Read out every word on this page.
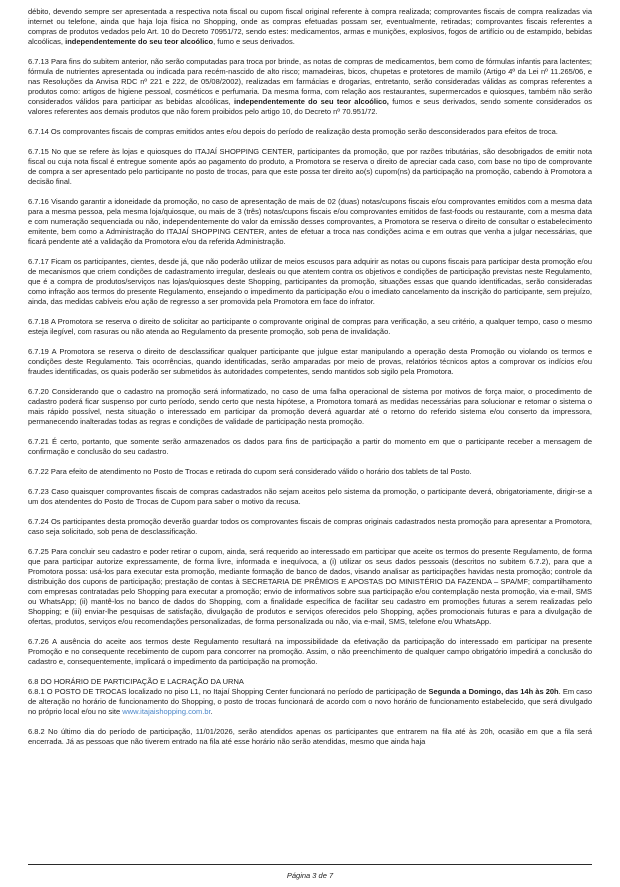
débito, devendo sempre ser apresentada a respectiva nota fiscal ou cupom fiscal original referente à compra realizada; comprovantes fiscais de compra realizadas via internet ou telefone, ainda que haja loja física no Shopping, onde as compras efetuadas possam ser, eventualmente, retiradas; comprovantes fiscais referentes a compras de produtos vedados pelo Art. 10 do Decreto 70951/72, sendo estes: medicamentos, armas e munições, explosivos, fogos de artifício ou de estampido, bebidas alcoólicas, independentemente do seu teor alcoólico, fumo e seus derivados.

6.7.13 Para fins do subitem anterior, não serão computadas para troca por brinde, as notas de compras de medicamentos, bem como de fórmulas infantis para lactentes; fórmula de nutrientes apresentada ou indicada para recém-nascido de alto risco; mamadeiras, bicos, chupetas e protetores de mamilo (Artigo 4º da Lei nº 11.265/06, e nas Resoluções da Anvisa RDC nº 221 e 222, de 05/08/2002), realizadas em farmácias e drogarias, entretanto, serão consideradas válidas as compras referentes a produtos como: artigos de higiene pessoal, cosméticos e perfumaria. Da mesma forma, com relação aos restaurantes, supermercados e quiosques, também não serão considerados válidos para participar as bebidas alcoólicas, independentemente do seu teor alcoólico, fumos e seus derivados, sendo somente considerados os valores referentes aos demais produtos que não forem proibidos pelo artigo 10, do Decreto nº 70.951/72.

6.7.14 Os comprovantes fiscais de compras emitidos antes e/ou depois do período de realização desta promoção serão desconsiderados para efeitos de troca.

6.7.15 No que se refere às lojas e quiosques do ITAJAÍ SHOPPING CENTER, participantes da promoção, que por razões tributárias, são desobrigados de emitir nota fiscal ou cuja nota fiscal é entregue somente após ao pagamento do produto, a Promotora se reserva o direito de apreciar cada caso, com base no tipo de comprovante de compra a ser apresentado pelo participante no posto de trocas, para que este possa ter direito ao(s) cupom(ns) da participação na promoção, cabendo à Promotora a decisão final.

6.7.16 Visando garantir a idoneidade da promoção, no caso de apresentação de mais de 02 (duas) notas/cupons fiscais e/ou comprovantes emitidos com a mesma data para a mesma pessoa, pela mesma loja/quiosque, ou mais de 3 (três) notas/cupons fiscais e/ou comprovantes emitidos de fast-foods ou restaurante, com a mesma data e com numeração sequenciada ou não, independentemente do valor da emissão desses comprovantes, a Promotora se reserva o direito de consultar o estabelecimento emitente, bem como a Administração do ITAJAÍ SHOPPING CENTER, antes de efetuar a troca nas condições acima e em outras que venha a julgar necessárias, que ficará pendente até a validação da Promotora e/ou da referida Administração.

6.7.17 Ficam os participantes, cientes, desde já, que não poderão utilizar de meios escusos para adquirir as notas ou cupons fiscais para participar desta promoção e/ou de mecanismos que criem condições de cadastramento irregular, desleais ou que atentem contra os objetivos e condições de participação previstas neste Regulamento, que é a compra de produtos/serviços nas lojas/quiosques deste Shopping, participantes da promoção, situações essas que quando identificadas, serão consideradas como infração aos termos do presente Regulamento, ensejando o impedimento da participação e/ou o imediato cancelamento da inscrição do participante, sem prejuízo, ainda, das medidas cabíveis e/ou ação de regresso a ser promovida pela Promotora em face do infrator.

6.7.18 A Promotora se reserva o direito de solicitar ao participante o comprovante original de compras para verificação, a seu critério, a qualquer tempo, caso o mesmo esteja ilegível, com rasuras ou não atenda ao Regulamento da presente promoção, sob pena de invalidação.

6.7.19 A Promotora se reserva o direito de desclassificar qualquer participante que julgue estar manipulando a operação desta Promoção ou violando os termos e condições deste Regulamento. Tais ocorrências, quando identificadas, serão amparadas por meio de provas, relatórios técnicos aptos a comprovar os indícios e/ou fraudes identificadas, os quais poderão ser submetidos às autoridades competentes, sendo mantidos sob sigilo pela Promotora.

6.7.20 Considerando que o cadastro na promoção será informatizado, no caso de uma falha operacional de sistema por motivos de força maior, o procedimento de cadastro poderá ficar suspenso por curto período, sendo certo que nesta hipótese, a Promotora tomará as medidas necessárias para solucionar e retomar o sistema o mais rápido possível, nesta situação o interessado em participar da promoção deverá aguardar até o retorno do referido sistema e/ou conserto da impressora, permanecendo inalteradas todas as regras e condições de validade de participação nesta promoção.

6.7.21 É certo, portanto, que somente serão armazenados os dados para fins de participação a partir do momento em que o participante receber a mensagem de confirmação e conclusão do seu cadastro.

6.7.22 Para efeito de atendimento no Posto de Trocas e retirada do cupom será considerado válido o horário dos tablets de tal Posto.

6.7.23 Caso quaisquer comprovantes fiscais de compras cadastrados não sejam aceitos pelo sistema da promoção, o participante deverá, obrigatoriamente, dirigir-se a um dos atendentes do Posto de Trocas de Cupom para saber o motivo da recusa.

6.7.24 Os participantes desta promoção deverão guardar todos os comprovantes fiscais de compras originais cadastrados nesta promoção para apresentar a Promotora, caso seja solicitado, sob pena de desclassificação.

6.7.25 Para concluir seu cadastro e poder retirar o cupom, ainda, será requerido ao interessado em participar que aceite os termos do presente Regulamento, de forma que para participar autorize expressamente, de forma livre, informada e inequívoca, a (i) utilizar os seus dados pessoais (descritos no subitem 6.7.2), para que a Promotora possa: usá-los para executar esta promoção, mediante formação de banco de dados, visando analisar as participações havidas nesta promoção; controle da distribuição dos cupons de participação; prestação de contas à SECRETARIA DE PRÊMIOS E APOSTAS DO MINISTÉRIO DA FAZENDA – SPA/MF; compartilhamento com empresas contratadas pelo Shopping para executar a promoção; envio de informativos sobre sua participação e/ou contemplação nesta promoção, via e-mail, SMS ou WhatsApp; (ii) mantê-los no banco de dados do Shopping, com a finalidade específica de facilitar seu cadastro em promoções futuras a serem realizadas pelo Shopping; e (iii) enviar-lhe pesquisas de satisfação, divulgação de produtos e serviços oferecidos pelo Shopping, ações promocionais futuras e para a divulgação de ofertas, produtos, serviços e/ou recomendações personalizadas, de forma personalizada ou não, via e-mail, SMS, telefone e/ou WhatsApp.

6.7.26 A ausência do aceite aos termos deste Regulamento resultará na impossibilidade da efetivação da participação do interessado em participar na presente Promoção e no consequente recebimento de cupom para concorrer na promoção. Assim, o não preenchimento de qualquer campo obrigatório impedirá a conclusão do cadastro e, consequentemente, implicará o impedimento da participação na promoção.

6.8 DO HORÁRIO DE PARTICIPAÇÃO E LACRAÇÃO DA URNA

6.8.1 O POSTO DE TROCAS localizado no piso L1, no Itajaí Shopping Center funcionará no período de participação de Segunda a Domingo, das 14h às 20h. Em caso de alteração no horário de funcionamento do Shopping, o posto de trocas funcionará de acordo com o novo horário de funcionamento estabelecido, que será divulgado no próprio local e/ou no site www.itajaishopping.com.br.

6.8.2 No último dia do período de participação, 11/01/2026, serão atendidos apenas os participantes que entrarem na fila até às 20h, ocasião em que a fila será encerrada. Já as pessoas que não tiverem entrado na fila até esse horário não serão atendidas, mesmo que ainda haja

Página 3 de 7
